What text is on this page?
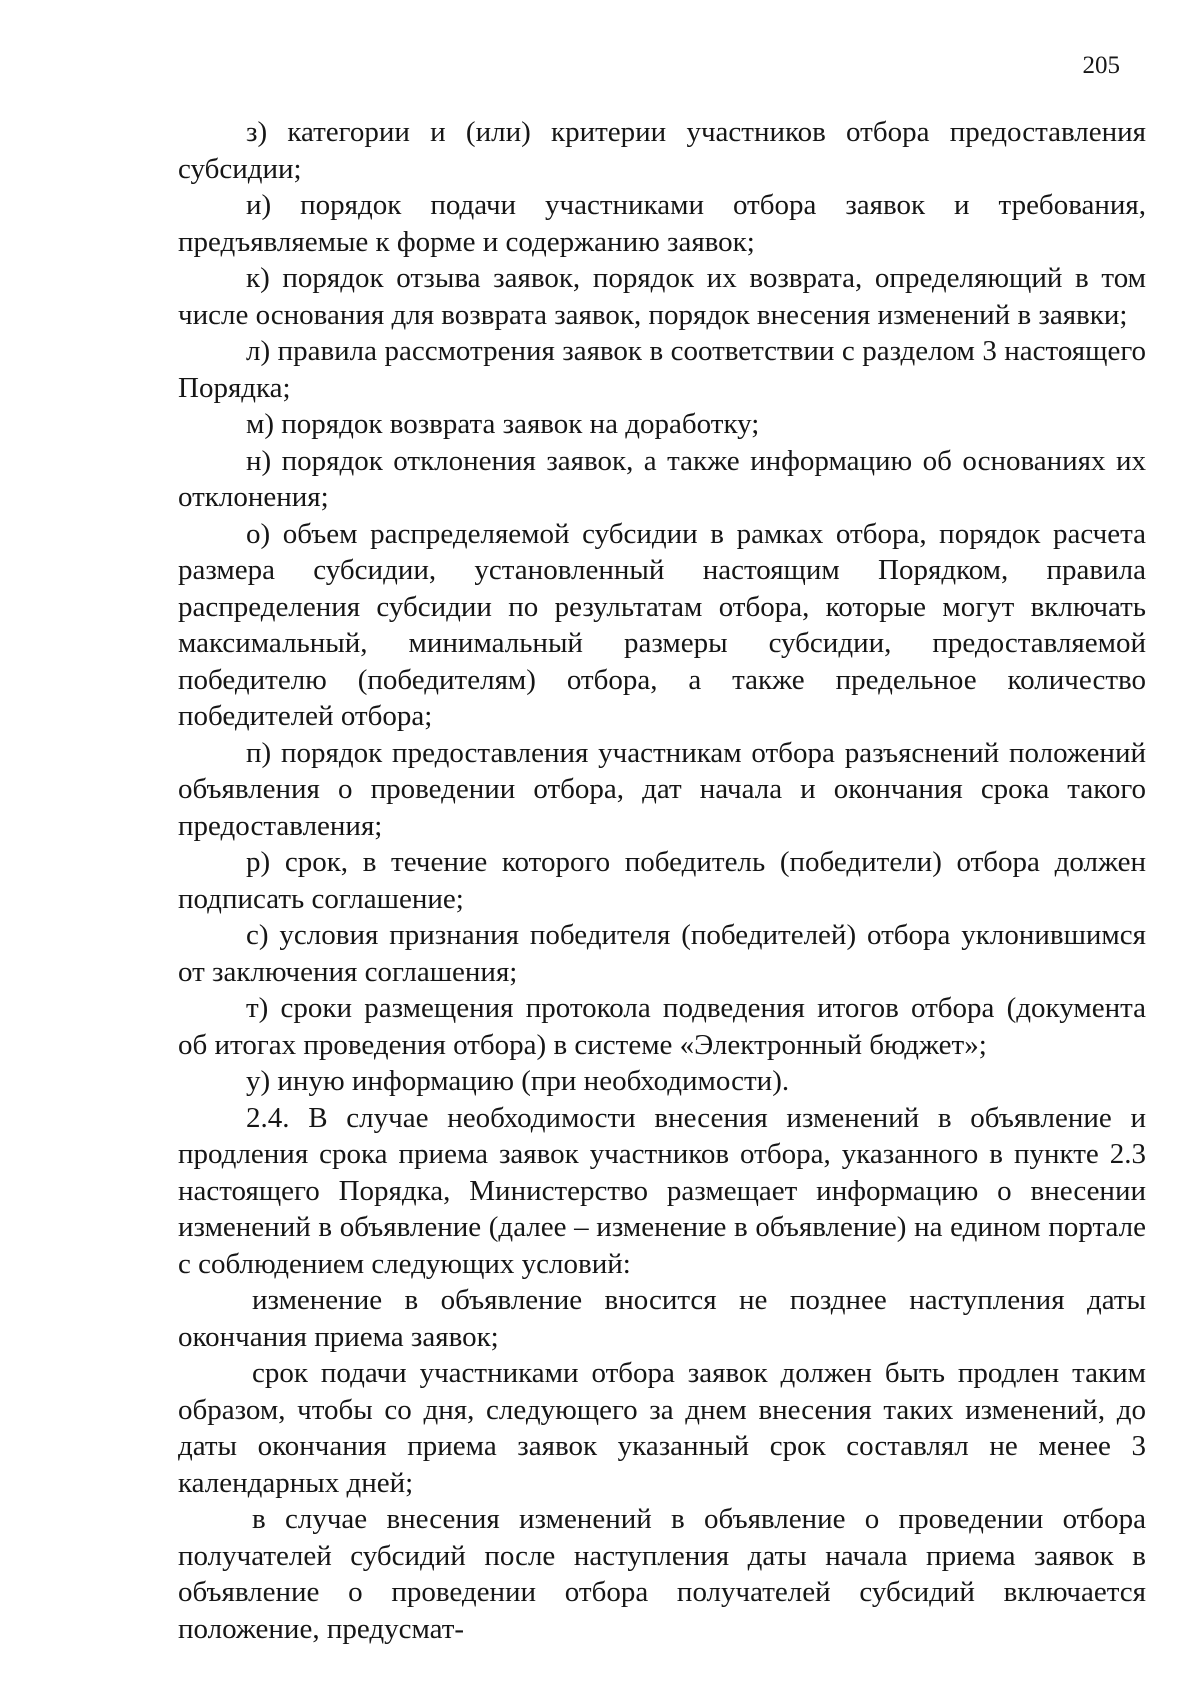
205

з) категории и (или) критерии участников отбора предоставления субсидии;

и) порядок подачи участниками отбора заявок и требования, предъявляемые к форме и содержанию заявок;

к) порядок отзыва заявок, порядок их возврата, определяющий в том числе основания для возврата заявок, порядок внесения изменений в заявки;

л) правила рассмотрения заявок в соответствии с разделом 3 настоящего Порядка;

м) порядок возврата заявок на доработку;

н) порядок отклонения заявок, а также информацию об основаниях их отклонения;

о) объем распределяемой субсидии в рамках отбора, порядок расчета размера субсидии, установленный настоящим Порядком, правила распределения субсидии по результатам отбора, которые могут включать максимальный, минимальный размеры субсидии, предоставляемой победителю (победителям) отбора, а также предельное количество победителей отбора;

п) порядок предоставления участникам отбора разъяснений положений объявления о проведении отбора, дат начала и окончания срока такого предоставления;

р) срок, в течение которого победитель (победители) отбора должен подписать соглашение;

с) условия признания победителя (победителей) отбора уклонившимся от заключения соглашения;

т) сроки размещения протокола подведения итогов отбора (документа об итогах проведения отбора) в системе «Электронный бюджет»;

у) иную информацию (при необходимости).

2.4. В случае необходимости внесения изменений в объявление и продления срока приема заявок участников отбора, указанного в пункте 2.3 настоящего Порядка, Министерство размещает информацию о внесении изменений в объявление (далее – изменение в объявление) на едином портале с соблюдением следующих условий:

изменение в объявление вносится не позднее наступления даты окончания приема заявок;

срок подачи участниками отбора заявок должен быть продлен таким образом, чтобы со дня, следующего за днем внесения таких изменений, до даты окончания приема заявок указанный срок составлял не менее 3 календарных дней;

в случае внесения изменений в объявление о проведении отбора получателей субсидий после наступления даты начала приема заявок в объявление о проведении отбора получателей субсидий включается положение, предусмат-
